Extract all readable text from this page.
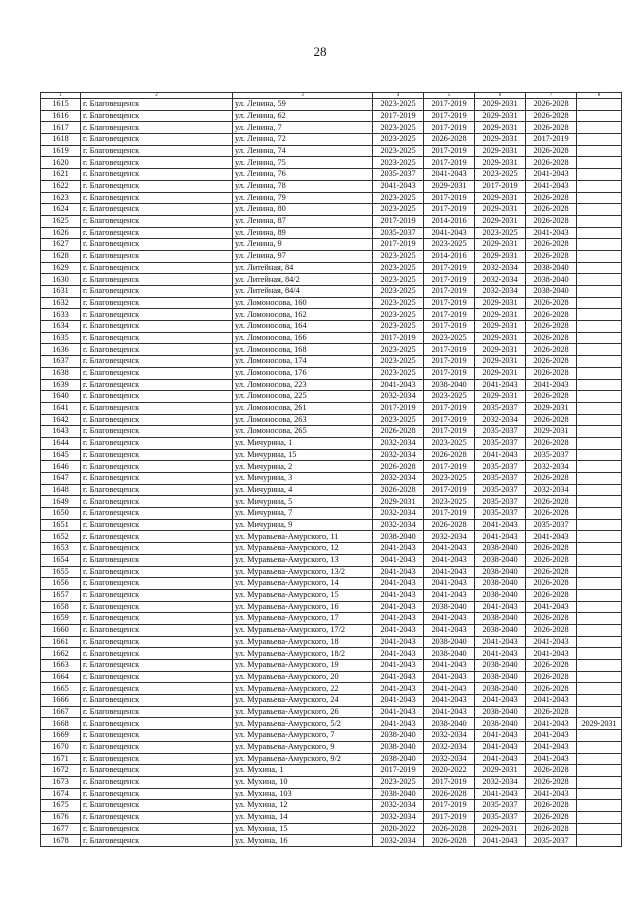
28
1	2	3	4	5	6	7	8
1615	г. Благовещенск	ул. Ленина, 59	2023-2025	2017-2019	2029-2031	2026-2028	
1616	г. Благовещенск	ул. Ленина, 62	2017-2019	2017-2019	2029-2031	2026-2028	
1617	г. Благовещенск	ул. Ленина, 7	2023-2025	2017-2019	2029-2031	2026-2028	
1618	г. Благовещенск	ул. Ленина, 72	2023-2025	2026-2028	2029-2031	2017-2019	
1619	г. Благовещенск	ул. Ленина, 74	2023-2025	2017-2019	2029-2031	2026-2028	
1620	г. Благовещенск	ул. Ленина, 75	2023-2025	2017-2019	2029-2031	2026-2028	
1621	г. Благовещенск	ул. Ленина, 76	2035-2037	2041-2043	2023-2025	2041-2043	
1622	г. Благовещенск	ул. Ленина, 78	2041-2043	2029-2031	2017-2019	2041-2043	
1623	г. Благовещенск	ул. Ленина, 79	2023-2025	2017-2019	2029-2031	2026-2028	
1624	г. Благовещенск	ул. Ленина, 80	2023-2025	2017-2019	2029-2031	2026-2028	
1625	г. Благовещенск	ул. Ленина, 87	2017-2019	2014-2016	2029-2031	2026-2028	
1626	г. Благовещенск	ул. Ленина, 89	2035-2037	2041-2043	2023-2025	2041-2043	
1627	г. Благовещенск	ул. Ленина, 9	2017-2019	2023-2025	2029-2031	2026-2028	
1628	г. Благовещенск	ул. Ленина, 97	2023-2025	2014-2016	2029-2031	2026-2028	
1629	г. Благовещенск	ул. Литейная, 84	2023-2025	2017-2019	2032-2034	2038-2040	
1630	г. Благовещенск	ул. Литейная, 84/2	2023-2025	2017-2019	2032-2034	2038-2040	
1631	г. Благовещенск	ул. Литейная, 84/4	2023-2025	2017-2019	2032-2034	2038-2040	
1632	г. Благовещенск	ул. Ломоносова, 160	2023-2025	2017-2019	2029-2031	2026-2028	
1633	г. Благовещенск	ул. Ломоносова, 162	2023-2025	2017-2019	2029-2031	2026-2028	
1634	г. Благовещенск	ул. Ломоносова, 164	2023-2025	2017-2019	2029-2031	2026-2028	
1635	г. Благовещенск	ул. Ломоносова, 166	2017-2019	2023-2025	2029-2031	2026-2028	
1636	г. Благовещенск	ул. Ломоносова, 168	2023-2025	2017-2019	2029-2031	2026-2028	
1637	г. Благовещенск	ул. Ломоносова, 174	2023-2025	2017-2019	2029-2031	2026-2028	
1638	г. Благовещенск	ул. Ломоносова, 176	2023-2025	2017-2019	2029-2031	2026-2028	
1639	г. Благовещенск	ул. Ломоносова, 223	2041-2043	2038-2040	2041-2043	2041-2043	
1640	г. Благовещенск	ул. Ломоносова, 225	2032-2034	2023-2025	2029-2031	2026-2028	
1641	г. Благовещенск	ул. Ломоносова, 261	2017-2019	2017-2019	2035-2037	2029-2031	
1642	г. Благовещенск	ул. Ломоносова, 263	2023-2025	2017-2019	2032-2034	2026-2028	
1643	г. Благовещенск	ул. Ломоносова, 265	2026-2028	2017-2019	2035-2037	2029-2031	
1644	г. Благовещенск	ул. Мичурина, 1	2032-2034	2023-2025	2035-2037	2026-2028	
1645	г. Благовещенск	ул. Мичурина, 15	2032-2034	2026-2028	2041-2043	2035-2037	
1646	г. Благовещенск	ул. Мичурина, 2	2026-2028	2017-2019	2035-2037	2032-2034	
1647	г. Благовещенск	ул. Мичурина, 3	2032-2034	2023-2025	2035-2037	2026-2028	
1648	г. Благовещенск	ул. Мичурина, 4	2026-2028	2017-2019	2035-2037	2032-2034	
1649	г. Благовещенск	ул. Мичурина, 5	2029-2031	2023-2025	2035-2037	2026-2028	
1650	г. Благовещенск	ул. Мичурина, 7	2032-2034	2017-2019	2035-2037	2026-2028	
1651	г. Благовещенск	ул. Мичурина, 9	2032-2034	2026-2028	2041-2043	2035-2037	
1652	г. Благовещенск	ул. Муравьева-Амурского, 11	2038-2040	2032-2034	2041-2043	2041-2043	
1653	г. Благовещенск	ул. Муравьева-Амурского, 12	2041-2043	2041-2043	2038-2040	2026-2028	
1654	г. Благовещенск	ул. Муравьева-Амурского, 13	2041-2043	2041-2043	2038-2040	2026-2028	
1655	г. Благовещенск	ул. Муравьева-Амурского, 13/2	2041-2043	2041-2043	2038-2040	2026-2028	
1656	г. Благовещенск	ул. Муравьева-Амурского, 14	2041-2043	2041-2043	2038-2040	2026-2028	
1657	г. Благовещенск	ул. Муравьева-Амурского, 15	2041-2043	2041-2043	2038-2040	2026-2028	
1658	г. Благовещенск	ул. Муравьева-Амурского, 16	2041-2043	2038-2040	2041-2043	2041-2043	
1659	г. Благовещенск	ул. Муравьева-Амурского, 17	2041-2043	2041-2043	2038-2040	2026-2028	
1660	г. Благовещенск	ул. Муравьева-Амурского, 17/2	2041-2043	2041-2043	2038-2040	2026-2028	
1661	г. Благовещенск	ул. Муравьева-Амурского, 18	2041-2043	2038-2040	2041-2043	2041-2043	
1662	г. Благовещенск	ул. Муравьева-Амурского, 18/2	2041-2043	2038-2040	2041-2043	2041-2043	
1663	г. Благовещенск	ул. Муравьева-Амурского, 19	2041-2043	2041-2043	2038-2040	2026-2028	
1664	г. Благовещенск	ул. Муравьева-Амурского, 20	2041-2043	2041-2043	2038-2040	2026-2028	
1665	г. Благовещенск	ул. Муравьева-Амурского, 22	2041-2043	2041-2043	2038-2040	2026-2028	
1666	г. Благовещенск	ул. Муравьева-Амурского, 24	2041-2043	2041-2043	2041-2043	2041-2043	
1667	г. Благовещенск	ул. Муравьева-Амурского, 26	2041-2043	2041-2043	2038-2040	2026-2028	
1668	г. Благовещенск	ул. Муравьева-Амурского, 5/2	2041-2043	2038-2040	2038-2040	2041-2043	2029-2031
1669	г. Благовещенск	ул. Муравьева-Амурского, 7	2038-2040	2032-2034	2041-2043	2041-2043	
1670	г. Благовещенск	ул. Муравьева-Амурского, 9	2038-2040	2032-2034	2041-2043	2041-2043	
1671	г. Благовещенск	ул. Муравьева-Амурского, 9/2	2038-2040	2032-2034	2041-2043	2041-2043	
1672	г. Благовещенск	ул. Мухина, 1	2017-2019	2020-2022	2029-2031	2026-2028	
1673	г. Благовещенск	ул. Мухина, 10	2023-2025	2017-2019	2032-2034	2026-2028	
1674	г. Благовещенск	ул. Мухина, 103	2038-2040	2026-2028	2041-2043	2041-2043	
1675	г. Благовещенск	ул. Мухина, 12	2032-2034	2017-2019	2035-2037	2026-2028	
1676	г. Благовещенск	ул. Мухина, 14	2032-2034	2017-2019	2035-2037	2026-2028	
1677	г. Благовещенск	ул. Мухина, 15	2020-2022	2026-2028	2029-2031	2026-2028	
1678	г. Благовещенск	ул. Мухина, 16	2032-2034	2026-2028	2041-2043	2035-2037	
